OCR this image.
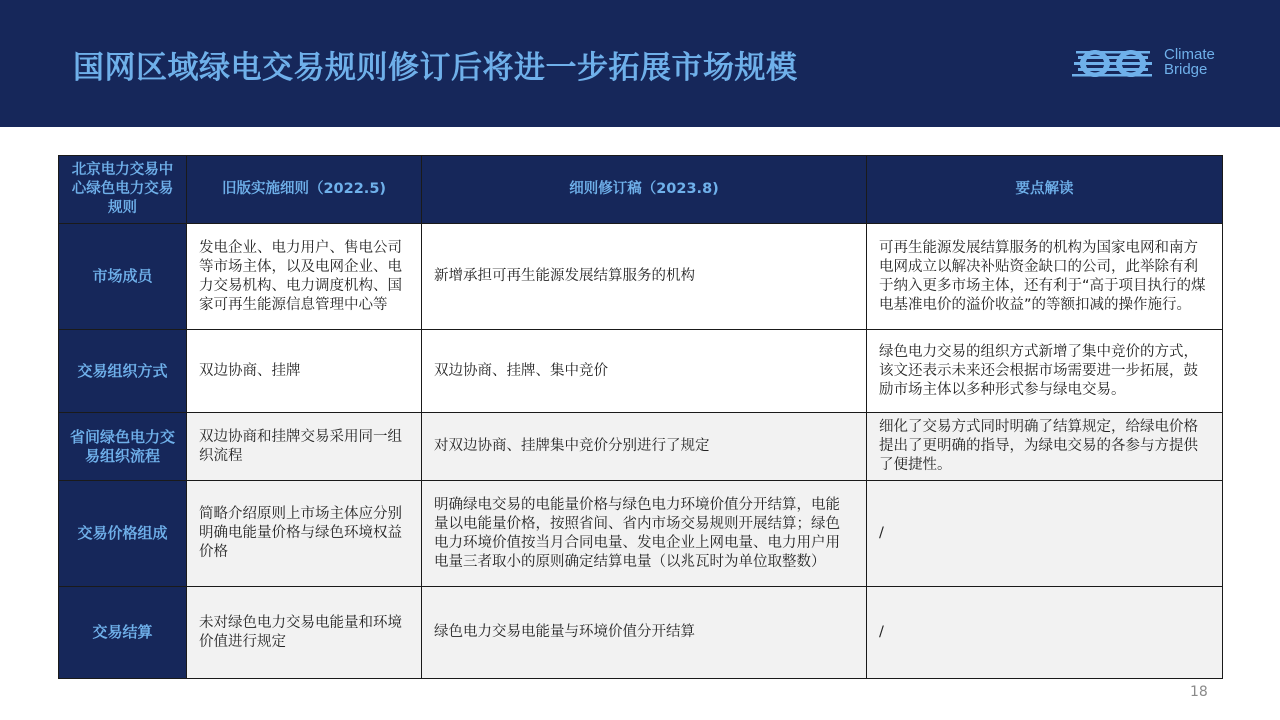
国网区域绿电交易规则修订后将进一步拓展市场规模	Climate
Bridge
北京电力交易中心绿色电力交易规则	旧版实施细则（2022.5)	细则修订稿（2023.8)	要点解读
市场成员	发电企业、电力用户、售电公司等市场主体，以及电网企业、电力交易机构、电力调度机构、国家可再生能源信息管理中心等	新增承担可再生能源发展结算服务的机构	可再生能源发展结算服务的机构为国家电网和南方电网成立以解决补贴资金缺口的公司，此举除有利于纳入更多市场主体，还有利于“高于项目执行的煤电基准电价的溢价收益”的等额扣减的操作施行。
交易组织方式	双边协商、挂牌	双边协商、挂牌、集中竞价	绿色电力交易的组织方式新增了集中竞价的方式，该文还表示未来还会根据市场需要进一步拓展，鼓励市场主体以多种形式参与绿电交易。
省间绿色电力交易组织流程	双边协商和挂牌交易采用同一组织流程	对双边协商、挂牌集中竞价分别进行了规定	细化了交易方式同时明确了结算规定，给绿电价格提出了更明确的指导，为绿电交易的各参与方提供了便捷性。
交易价格组成	简略介绍原则上市场主体应分别明确电能量价格与绿色环境权益价格	明确绿电交易的电能量价格与绿色电力环境价值分开结算，电能量以电能量价格，按照省间、省内市场交易规则开展结算；绿色电力环境价值按当月合同电量、发电企业上网电量、电力用户用电量三者取小的原则确定结算电量（以兆瓦时为单位取整数）	/
交易结算	未对绿色电力交易电能量和环境价值进行规定	绿色电力交易电能量与环境价值分开结算	/
18
